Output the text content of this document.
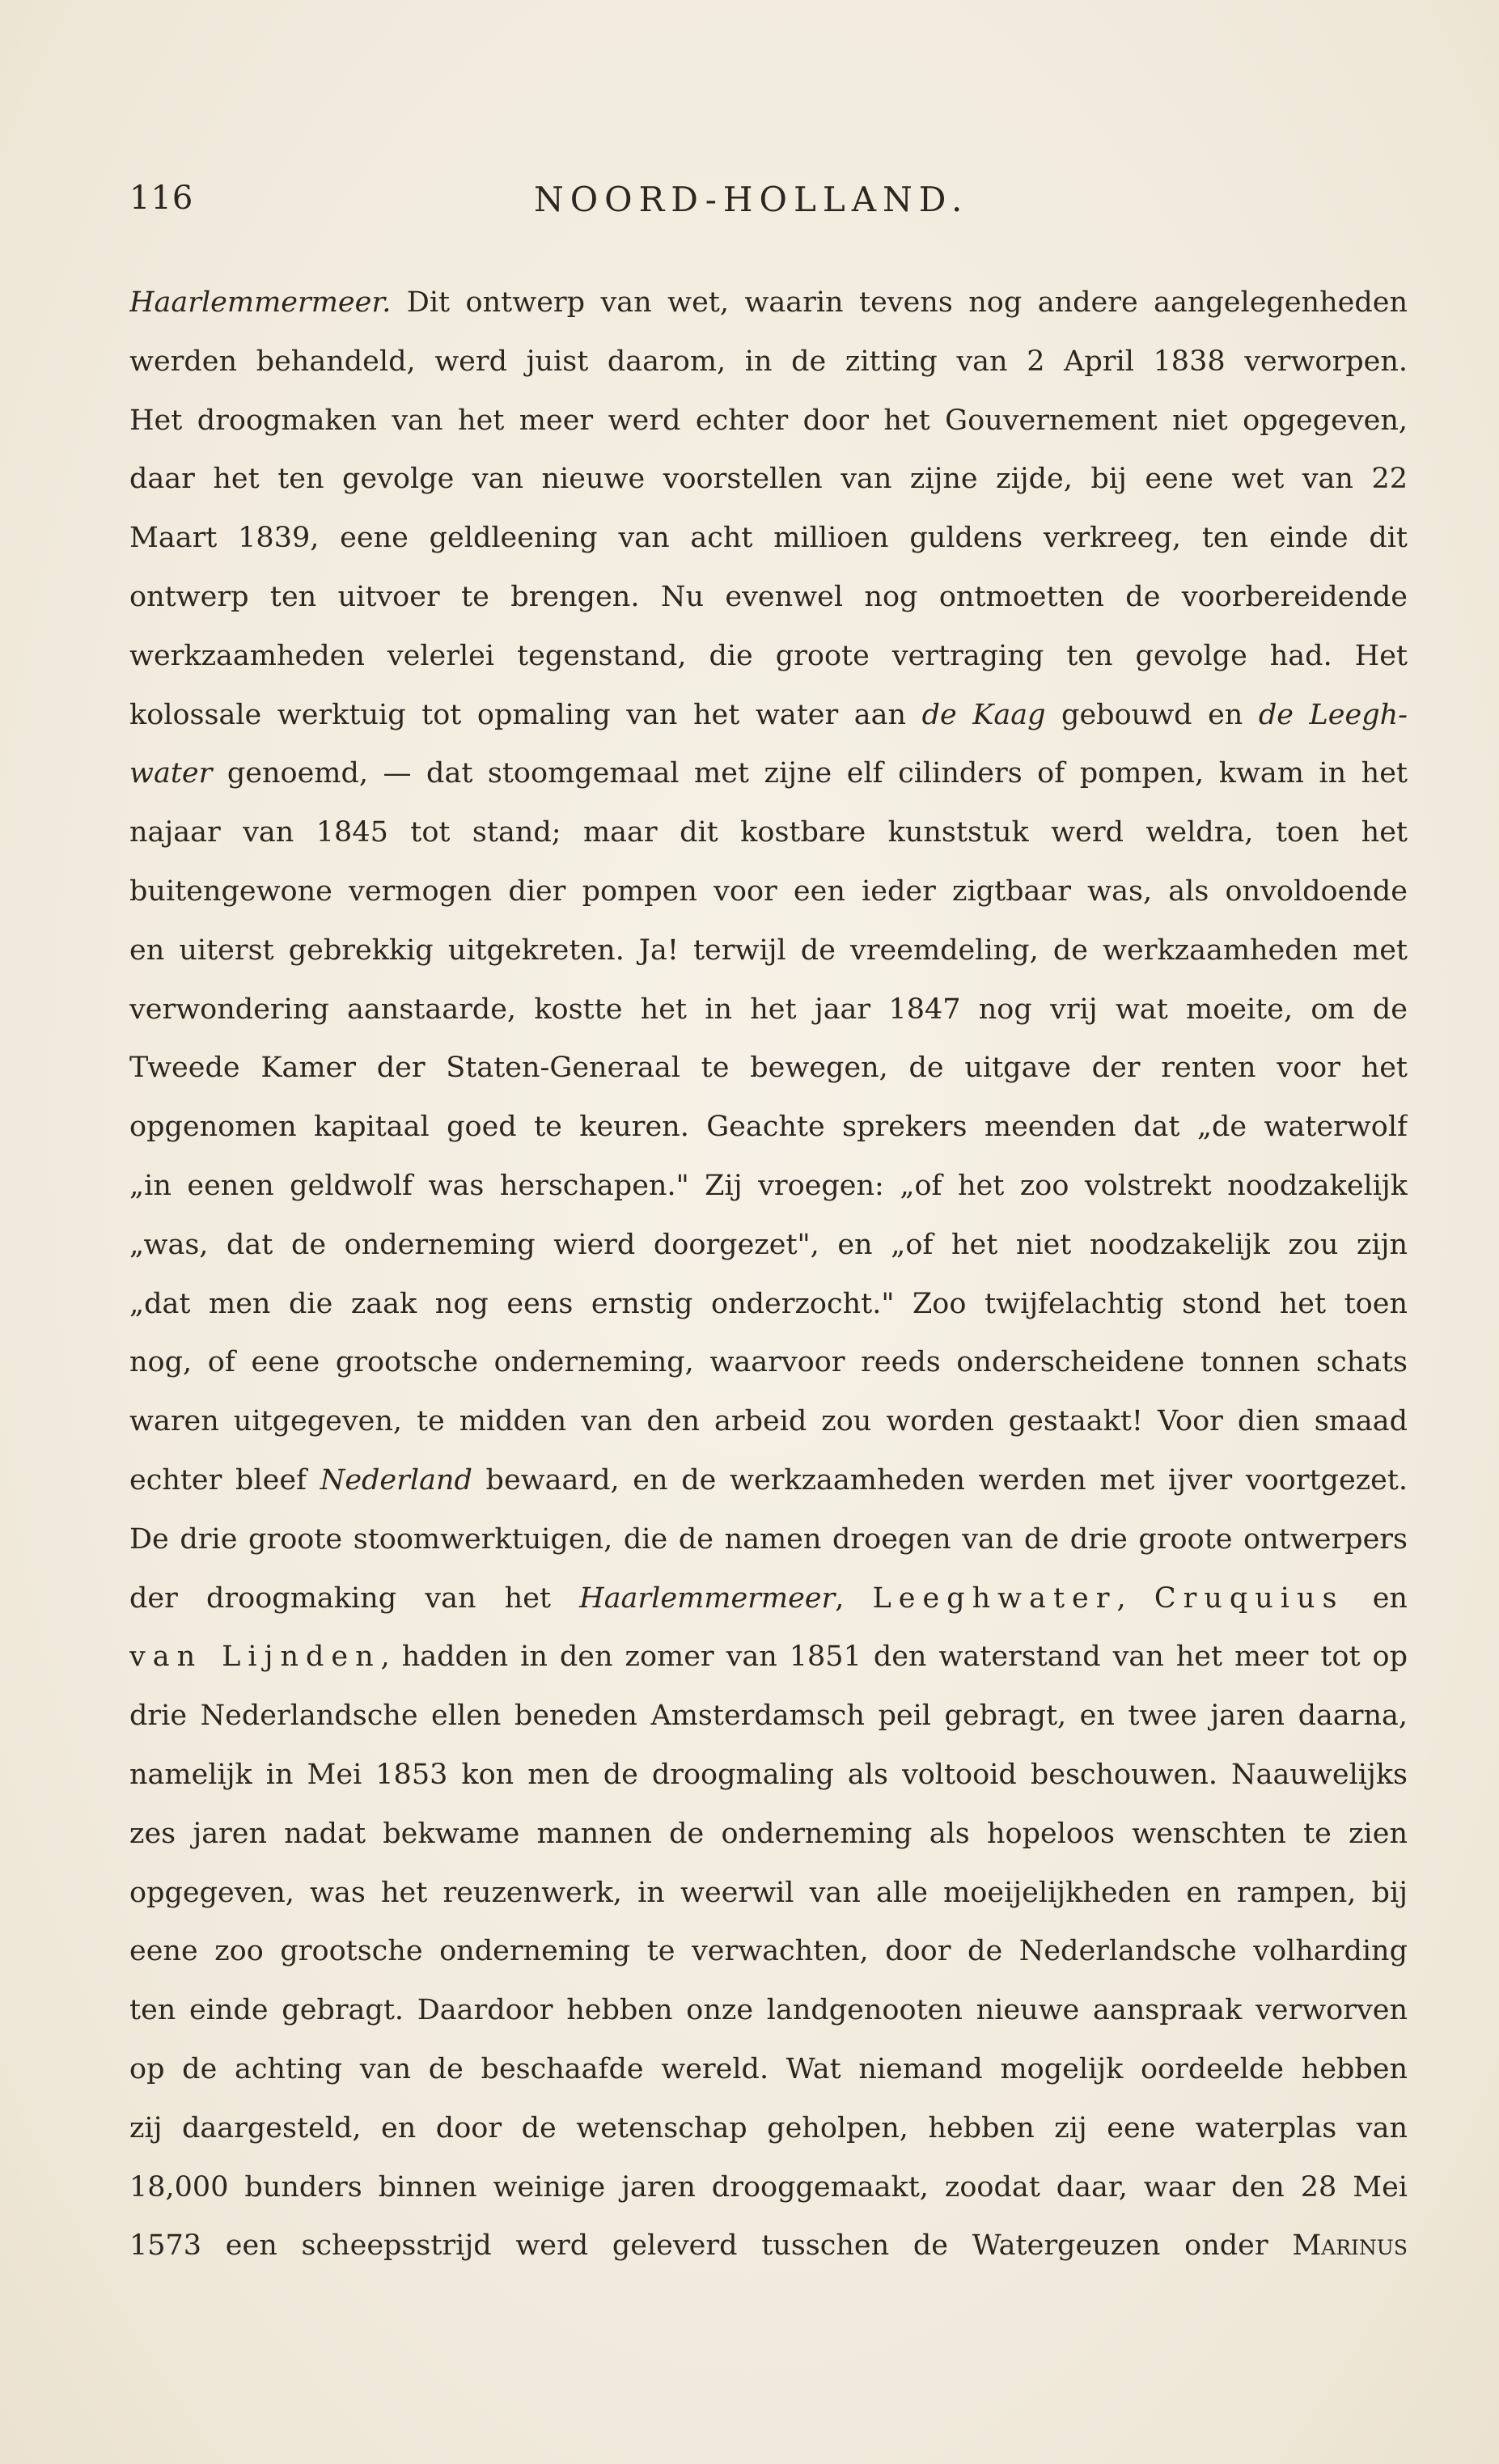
116	NOORD-HOLLAND.
Haarlemmermeer. Dit ontwerp van wet, waarin tevens nog andere aangelegenheden
werden behandeld, werd juist daarom, in de zitting van 2 April 1838 verworpen.
Het droogmaken van het meer werd echter door het Gouvernement niet opgegeven,
daar het ten gevolge van nieuwe voorstellen van zijne zijde, bij eene wet van 22
Maart 1839, eene geldleening van acht millioen guldens verkreeg, ten einde dit
ontwerp ten uitvoer te brengen. Nu evenwel nog ontmoetten de voorbereidende
werkzaamheden velerlei tegenstand, die groote vertraging ten gevolge had. Het
kolossale werktuig tot opmaling van het water aan de Kaag gebouwd en de Leegh-
water genoemd, — dat stoomgemaal met zijne elf cilinders of pompen, kwam in het
najaar van 1845 tot stand; maar dit kostbare kunststuk werd weldra, toen het
buitengewone vermogen dier pompen voor een ieder zigtbaar was, als onvoldoende
en uiterst gebrekkig uitgekreten. Ja! terwijl de vreemdeling, de werkzaamheden met
verwondering aanstaarde, kostte het in het jaar 1847 nog vrij wat moeite, om de
Tweede Kamer der Staten-Generaal te bewegen, de uitgave der renten voor het
opgenomen kapitaal goed te keuren. Geachte sprekers meenden dat „de waterwolf
„in eenen geldwolf was herschapen." Zij vroegen: „of het zoo volstrekt noodzakelijk
„was, dat de onderneming wierd doorgezet", en „of het niet noodzakelijk zou zijn
„dat men die zaak nog eens ernstig onderzocht." Zoo twijfelachtig stond het toen
nog, of eene grootsche onderneming, waarvoor reeds onderscheidene tonnen schats
waren uitgegeven, te midden van den arbeid zou worden gestaakt! Voor dien smaad
echter bleef Nederland bewaard, en de werkzaamheden werden met ijver voortgezet.
De drie groote stoomwerktuigen, die de namen droegen van de drie groote ontwerpers
der droogmaking van het Haarlemmermeer, Leeghwater, Cruquius en
van Lijnden, hadden in den zomer van 1851 den waterstand van het meer tot op
drie Nederlandsche ellen beneden Amsterdamsch peil gebragt, en twee jaren daarna,
namelijk in Mei 1853 kon men de droogmaling als voltooid beschouwen. Naauwelijks
zes jaren nadat bekwame mannen de onderneming als hopeloos wenschten te zien
opgegeven, was het reuzenwerk, in weerwil van alle moeijelijkheden en rampen, bij
eene zoo grootsche onderneming te verwachten, door de Nederlandsche volharding
ten einde gebragt. Daardoor hebben onze landgenooten nieuwe aanspraak verworven
op de achting van de beschaafde wereld. Wat niemand mogelijk oordeelde hebben
zij daargesteld, en door de wetenschap geholpen, hebben zij eene waterplas van
18,000 bunders binnen weinige jaren drooggemaakt, zoodat daar, waar den 28 Mei
1573 een scheepsstrijd werd geleverd tusschen de Watergeuzen onder Marinus
